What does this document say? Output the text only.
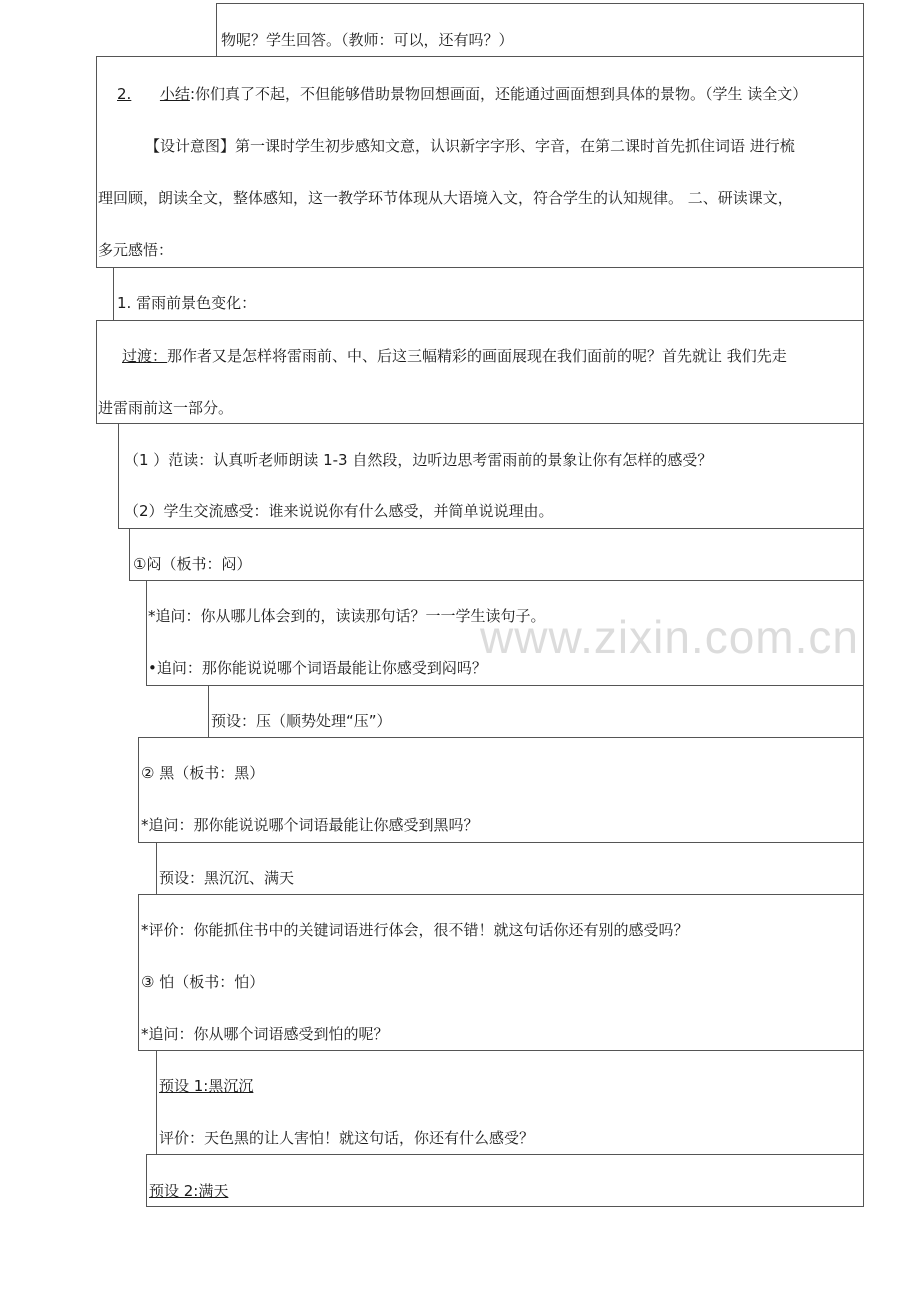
www.zixin.com.cn
物呢？学生回答。（教师：可以，还有吗？）
2. 小结:你们真了不起，不但能够借助景物回想画面，还能通过画面想到具体的景物。（学生 读全文）
【设计意图】第一课时学生初步感知文意，认识新字字形、字音，在第二课时首先抓住词语 进行梳
理回顾，朗读全文，整体感知，这一教学环节体现从大语境入文，符合学生的认知规律。 二、研读课文，
多元感悟：
1. 雷雨前景色变化：
过渡：那作者又是怎样将雷雨前、中、后这三幅精彩的画面展现在我们面前的呢？首先就让 我们先走
进雷雨前这一部分。
（1 ）范读：认真听老师朗读 1-3 自然段，边听边思考雷雨前的景象让你有怎样的感受？
（2）学生交流感受：谁来说说你有什么感受，并简单说说理由。
①闷（板书：闷）
*追问：你从哪儿体会到的，读读那句话？一一学生读句子。
•追问：那你能说说哪个词语最能让你感受到闷吗？
预设：压（顺势处理“压”）
② 黑（板书：黑）
*追问：那你能说说哪个词语最能让你感受到黑吗？
预设：黑沉沉、满天
*评价：你能抓住书中的关键词语进行体会，很不错！就这句话你还有别的感受吗？
③ 怕（板书：怕）
*追问：你从哪个词语感受到怕的呢？
预设 1:黑沉沉
评价：天色黑的让人害怕！就这句话，你还有什么感受？
预设 2:满天
